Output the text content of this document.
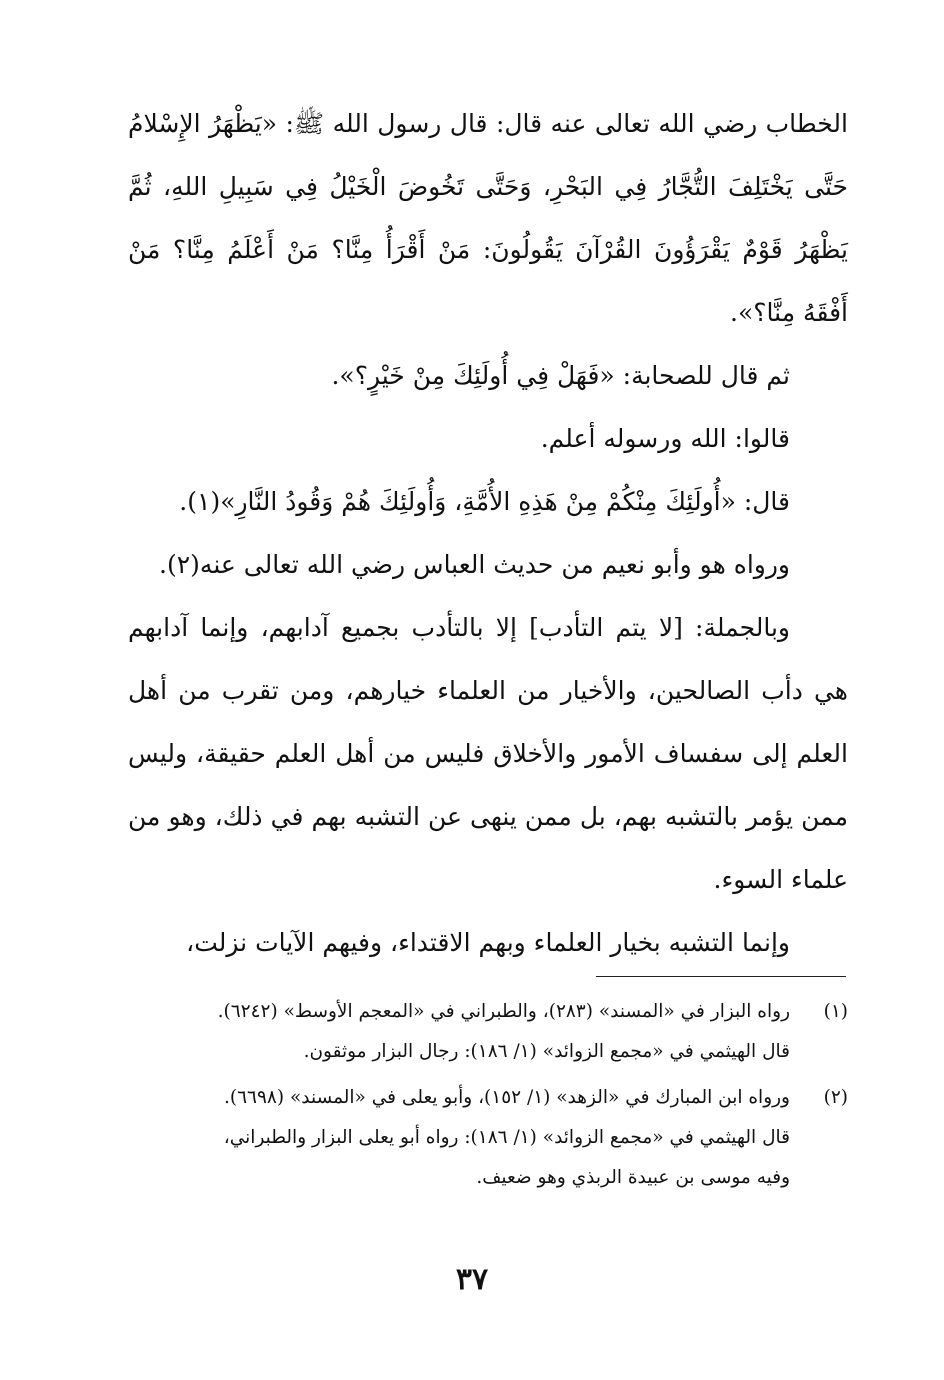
الخطاب رضي الله تعالى عنه قال: قال رسول الله ﷺ: «يَظْهَرُ الإِسْلامُ حَتَّى يَخْتَلِفَ التُّجَّارُ فِي البَحْرِ، وَحَتَّى تَخُوضَ الْخَيْلُ فِي سَبِيلِ اللهِ، ثُمَّ يَظْهَرُ قَوْمٌ يَقْرَؤُونَ القُرْآنَ يَقُولُونَ: مَنْ أَقْرَأُ مِنَّا؟ مَنْ أَعْلَمُ مِنَّا؟ مَنْ أَفْقَهُ مِنَّا؟».

ثم قال للصحابة: «فَهَلْ فِي أُولَئِكَ مِنْ خَيْرٍ؟».

قالوا: الله ورسوله أعلم.

قال: «أُولَئِكَ مِنْكُمْ مِنْ هَذِهِ الأُمَّةِ، وَأُولَئِكَ هُمْ وَقُودُ النَّارِ»(١).

ورواه هو وأبو نعيم من حديث العباس رضي الله تعالى عنه(٢).

وبالجملة: [لا يتم التأدب] إلا بالتأدب بجميع آدابهم، وإنما آدابهم هي دأب الصالحين، والأخيار من العلماء خيارهم، ومن تقرب من أهل العلم إلى سفساف الأمور والأخلاق فليس من أهل العلم حقيقة، وليس ممن يؤمر بالتشبه بهم، بل ممن ينهى عن التشبه بهم في ذلك، وهو من علماء السوء.

وإنما التشبه بخيار العلماء وبهم الاقتداء، وفيهم الآيات نزلت،

(١)
رواه البزار في «المسند» (٢٨٣)، والطبراني في «المعجم الأوسط» (٦٢٤٢).
قال الهيثمي في «مجمع الزوائد» (١/ ١٨٦): رجال البزار موثقون.
(٢)
ورواه ابن المبارك في «الزهد» (١/ ١٥٢)، وأبو يعلى في «المسند» (٦٦٩٨).
قال الهيثمي في «مجمع الزوائد» (١/ ١٨٦): رواه أبو يعلى البزار والطبراني،
وفيه موسى بن عبيدة الربذي وهو ضعيف.
٣٧
